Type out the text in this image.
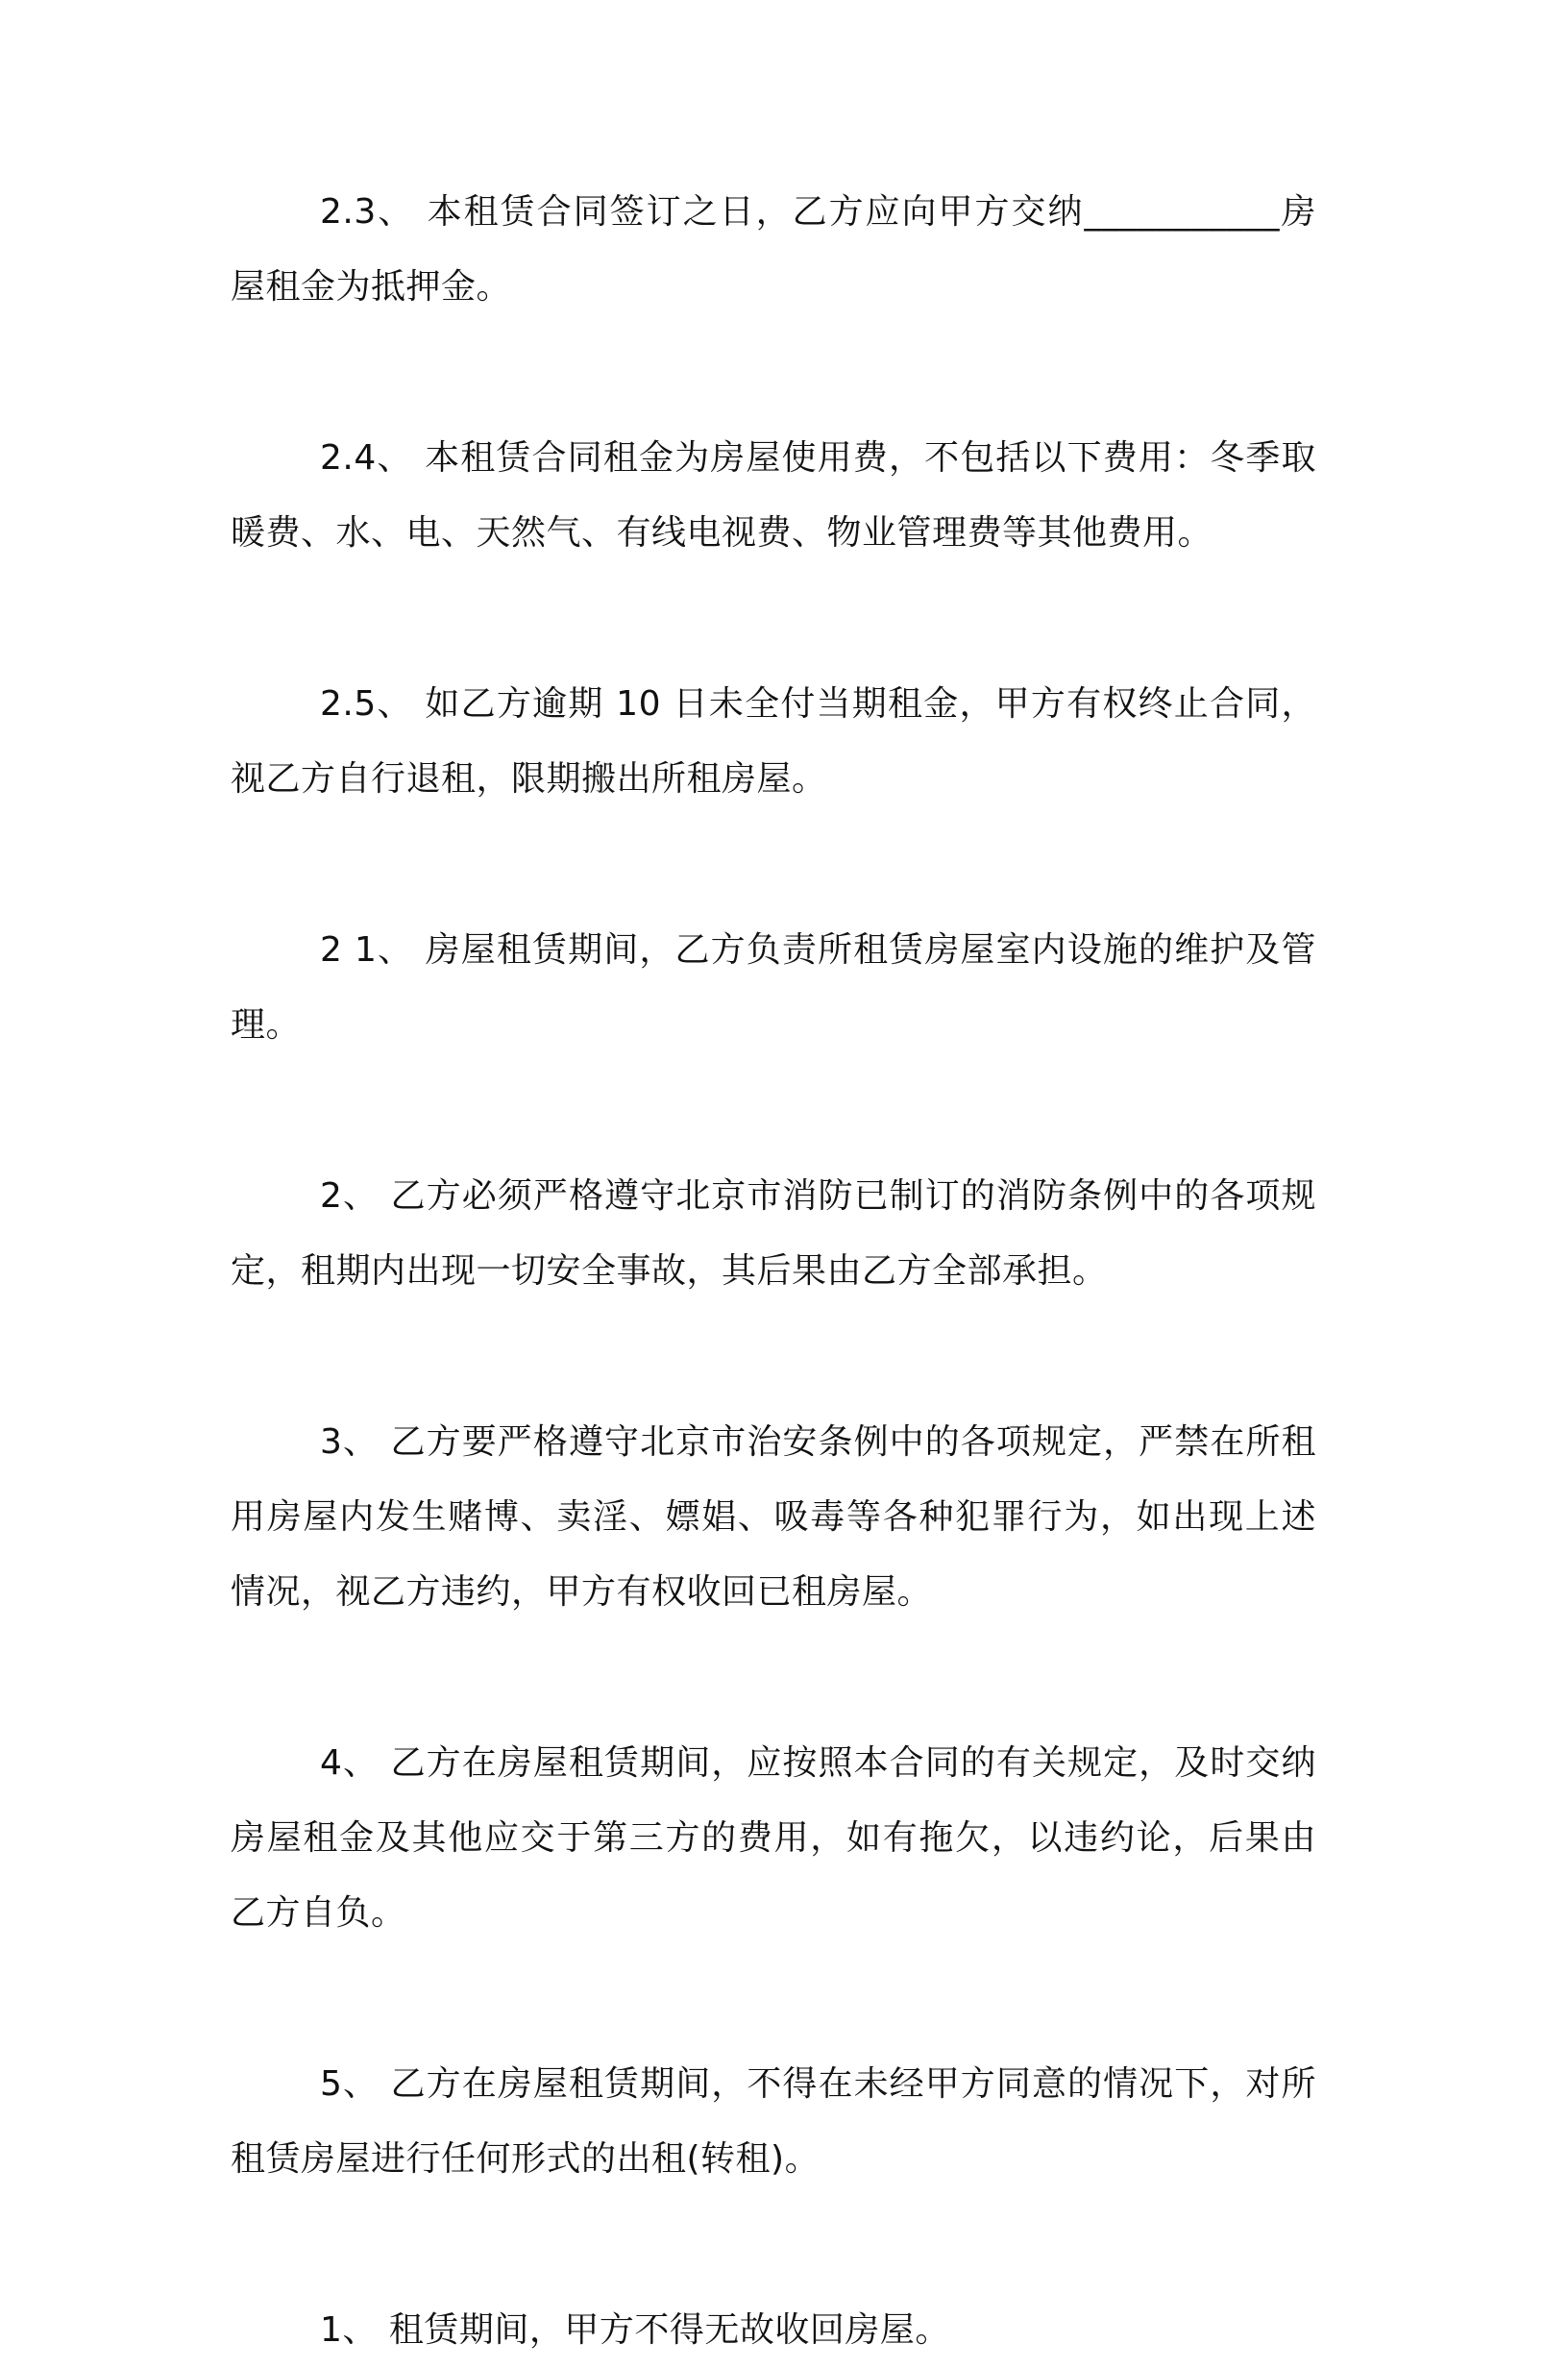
2.3、 本租赁合同签订之日，乙方应向甲方交纳___________房屋租金为抵押金。

2.4、 本租赁合同租金为房屋使用费，不包括以下费用：冬季取暖费、水、电、天然气、有线电视费、物业管理费等其他费用。

2.5、 如乙方逾期 10 日未全付当期租金，甲方有权终止合同，视乙方自行退租，限期搬出所租房屋。

2 1、 房屋租赁期间，乙方负责所租赁房屋室内设施的维护及管理。

2、 乙方必须严格遵守北京市消防已制订的消防条例中的各项规定，租期内出现一切安全事故，其后果由乙方全部承担。

3、 乙方要严格遵守北京市治安条例中的各项规定，严禁在所租用房屋内发生赌博、卖淫、嫖娼、吸毒等各种犯罪行为，如出现上述情况，视乙方违约，甲方有权收回已租房屋。

4、 乙方在房屋租赁期间，应按照本合同的有关规定，及时交纳房屋租金及其他应交于第三方的费用，如有拖欠，以违约论，后果由乙方自负。

5、 乙方在房屋租赁期间，不得在未经甲方同意的情况下，对所租赁房屋进行任何形式的出租(转租)。

1、 租赁期间，甲方不得无故收回房屋。
